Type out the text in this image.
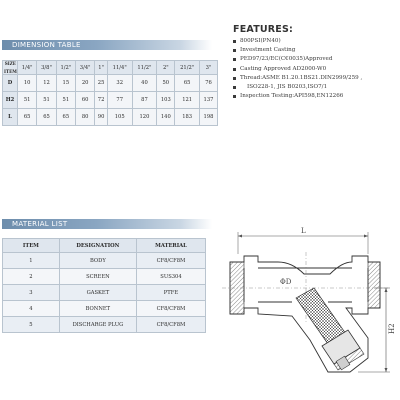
DIMENSION TABLE
SIZE
ITEM	1/4"	3/8"	1/2"	3/4"	1"	11/4"	11/2"	2"	21/2"	3"
D	10	12	15	20	25	32	40	50	65	76
H2	51	51	51	60	72	77	87	103	121	137
L	65	65	65	80	90	105	120	140	183	198
FEATURES:
800PSI(PN40)
Investment Casting
PED97/23/EC(C€0035)Approved
Casting Approved AD2000-W0
Thread:ASME B1.20.1BS21.DIN2999/259 ,
ISO228-1, JIS B0203,ISO7/1
Inspection Testing:API598,EN12266
MATERIAL LIST
ITEM	DESIGNATION	MATERIAL
1	BODY	CF8/CF8M
2	SCREEN	SUS304
3	GASKET	PTFE
4	BONNET	CF8/CF8M
5	DISCHARGE PLUG	CF8/CF8M
L
ΦD
H2
